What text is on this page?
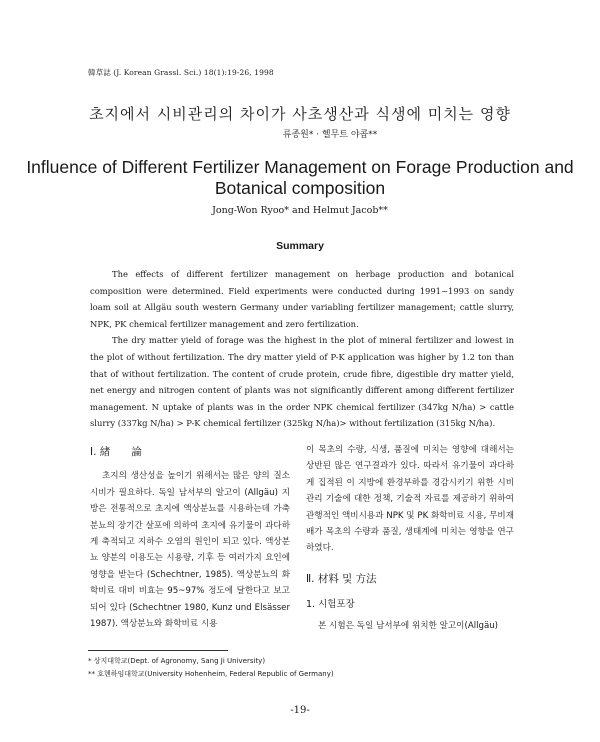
韓草誌 (J. Korean Grassl. Sci.) 18(1):19-26, 1998
초지에서 시비관리의 차이가 사초생산과 식생에 미치는 영향
류종원* · 헬무트 야콥**
Influence of Different Fertilizer Management on Forage Production and Botanical composition
Jong-Won Ryoo* and Helmut Jacob**
Summary

The effects of different fertilizer management on herbage production and botanical composition were determined. Field experiments were conducted during 1991~1993 on sandy loam soil at Allgäu south western Germany under variabling fertilizer management; cattle slurry, NPK, PK chemical fertilizer management and zero fertilization.

The dry matter yield of forage was the highest in the plot of mineral fertilizer and lowest in the plot of without fertilization. The dry matter yield of P-K application was higher by 1.2 ton than that of without fertilization. The content of crude protein, crude fibre, digestible dry matter yield, net energy and nitrogen content of plants was not significantly different among different fertilizer management. N uptake of plants was in the order NPK chemical fertilizer (347kg N/ha) > cattle slurry (337kg N/ha) > P-K chemical fertilizer (325kg N/ha)> without fertilization (315kg N/ha).

Ⅰ. 緖　　論

초지의 생산성을 높이기 위해서는 많은 양의 질소시비가 필요하다. 독일 남서부의 알고이 (Allgäu) 지방은 전통적으로 초지에 액상분뇨를 시용하는데 가축분뇨의 장기간 살포에 의하여 초지에 유기물이 과다하게 축적되고 지하수 오염의 원인이 되고 있다. 액상분뇨 양분의 이용도는 시용량, 기후 등 여러가지 요인에 영향을 받는다 (Schechtner, 1985). 액상분뇨의 화학비료 대비 비효는 95~97% 정도에 달한다고 보고되어 있다 (Schechtner 1980, Kunz und Elsässer 1987). 액상분뇨와 화학비료 시용

이 목초의 수량, 식생, 품질에 미치는 영향에 대해서는 상반된 많은 연구결과가 있다. 따라서 유기물이 과다하게 집적된 이 지방에 환경부하를 경감시키기 위한 시비관리 기술에 대한 정책, 기술적 자료를 제공하기 위하여 관행적인 액비시용과 NPK 및 PK 화학비료 시용, 무비재배가 목초의 수량과 품질, 생태계에 미치는 영향을 연구하였다.

Ⅱ. 材料 및 方法
1. 시험포장

본 시험은 독일 남서부에 위치한 알고이(Allgäu)

* 상지대학교(Dept. of Agronomy, Sang Ji University)
** 호헨하임대학교(University Hohenheim, Federal Republic of Germany)
-19-
